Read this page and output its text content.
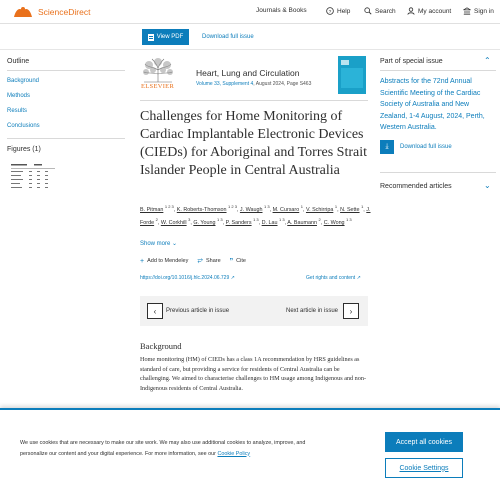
ScienceDirect	Journals & Books	? Help	Search	My account	Sign in
View PDF	Download full issue
Outline
Background
Methods
Results
Conclusions
Figures (1)
ELSEVIER
Heart, Lung and Circulation
Volume 33, Supplement 4, August 2024, Page S463
Challenges for Home Monitoring of Cardiac Implantable Electronic Devices (CIEDs) for Aboriginal and Torres Strait Islander People in Central Australia
B. Pitman $^{1 2 3}$, K. Roberts-Thomson $^{1 2 3}$, J. Waugh $^{1 3}$, M. Cursaro $^1$, V. Schirripa $^1$, N. Sette $^1$, J. Forde $^2$, W. Corkhill $^3$, G. Young $^{1 3}$, P. Sanders $^{1 3}$, D. Lau $^{1 3}$, A. Baumann $^2$, C. Wong $^{1 3}$
Show more ⌄
+ Add to Mendeley ⥂ Share ” Cite
https://doi.org/10.1016/j.hlc.2024.06.729 ↗	Get rights and content ↗
‹ Previous article in issue	Next article in issue ›
Background

Home monitoring (HM) of CIEDs has a class 1A recommendation by HRS guidelines as standard of care, but providing a service for residents of Central Australia can be challenging. We aimed to characterise challenges to HM usage among Indigenous and non-Indigenous residents of Central Australia.

Part of special issue	⌃
Abstracts for the 72nd Annual Scientific Meeting of the Cardiac Society of Australia and New Zealand, 1-4 August, 2024, Perth, Western Australia.
⤓	Download full issue
Recommended articles	⌄

We use cookies that are necessary to make our site work. We may also use additional cookies to analyze, improve, and personalize our content and your digital experience. For more information, see our Cookie Policy

Accept all cookies
Cookie Settings
